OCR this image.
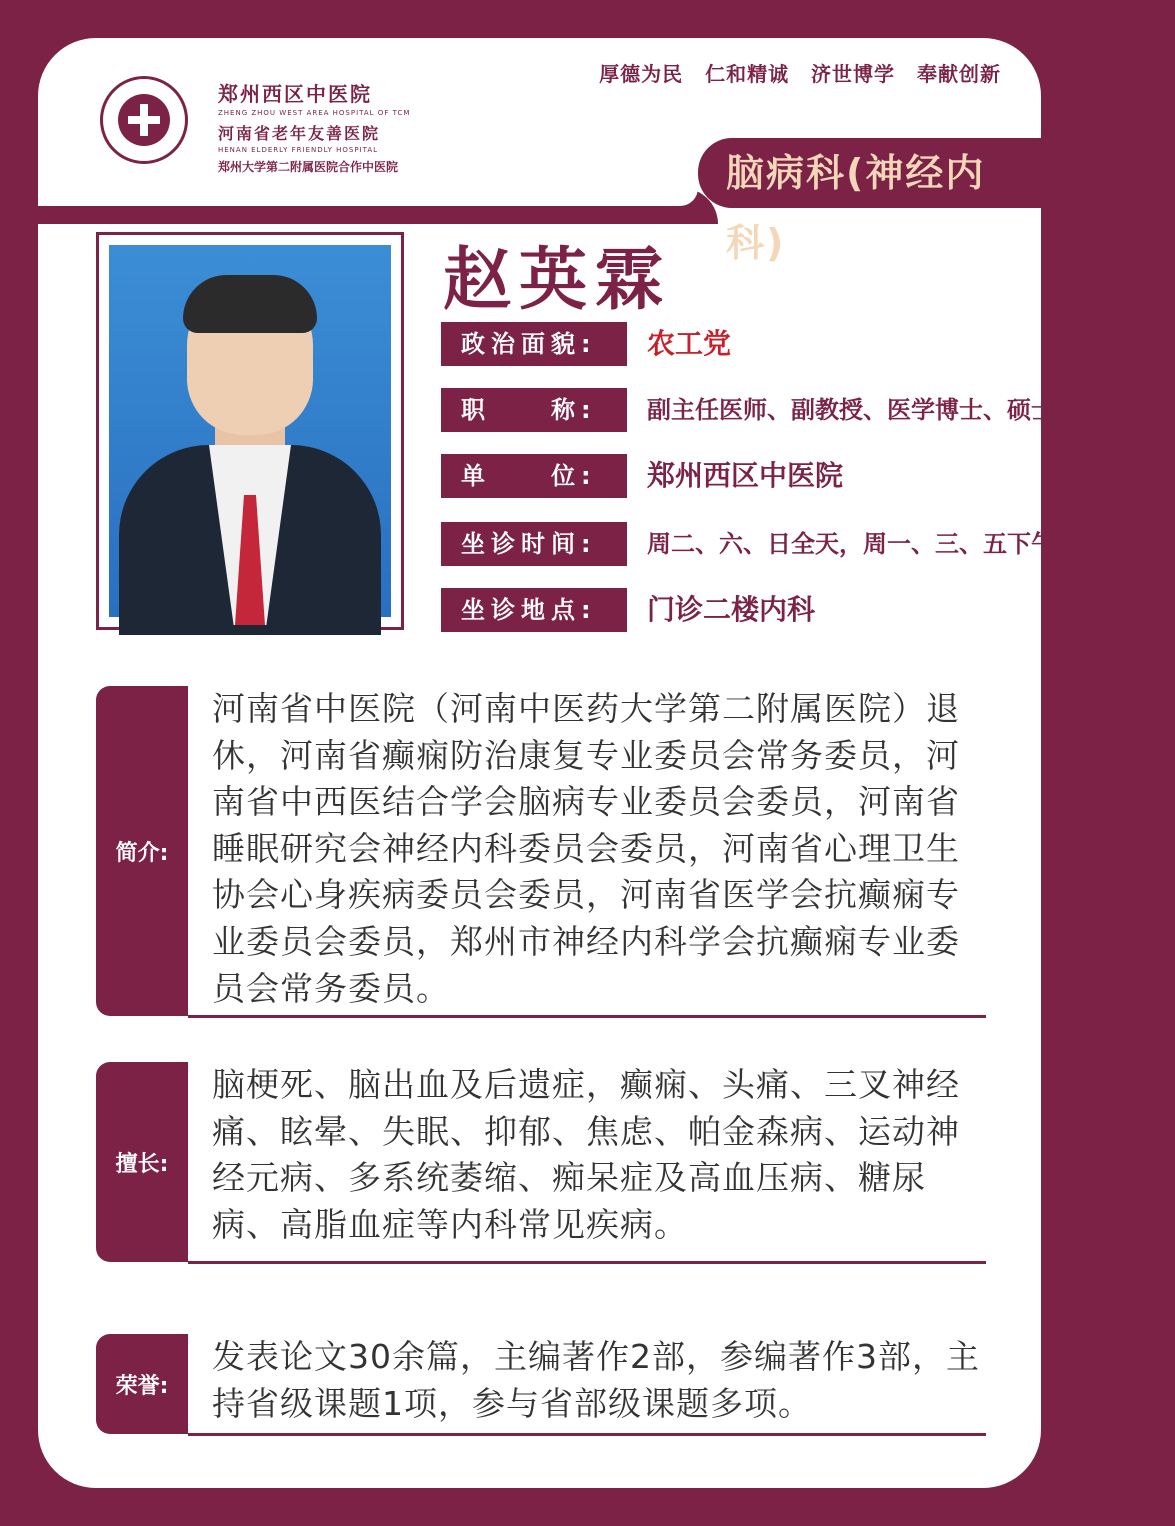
郑州西区中医院
ZHENG ZHOU WEST AREA HOSPITAL OF TCM
河南省老年友善医院
HENAN ELDERLY FRIENDLY HOSPITAL
郑州大学第二附属医院合作中医院
厚德为民 仁和精诚 济世博学 奉献创新
脑病科(神经内科)
赵英霖
政治面貌:	农工党
职　　称:	副主任医师、副教授、医学博士、硕士研究生导师
单　　位:	郑州西区中医院
坐诊时间:	周二、六、日全天，周一、三、五下午
坐诊地点:	门诊二楼内科
简介:
河南省中医院（河南中医药大学第二附属医院）退休，河南省癫痫防治康复专业委员会常务委员，河南省中西医结合学会脑病专业委员会委员，河南省睡眠研究会神经内科委员会委员，河南省心理卫生协会心身疾病委员会委员，河南省医学会抗癫痫专业委员会委员，郑州市神经内科学会抗癫痫专业委员会常务委员。
擅长:
脑梗死、脑出血及后遗症，癫痫、头痛、三叉神经痛、眩晕、失眠、抑郁、焦虑、帕金森病、运动神经元病、多系统萎缩、痴呆症及高血压病、糖尿病、高脂血症等内科常见疾病。
荣誉:
发表论文30余篇，主编著作2部，参编著作3部，主持省级课题1项，参与省部级课题多项。
